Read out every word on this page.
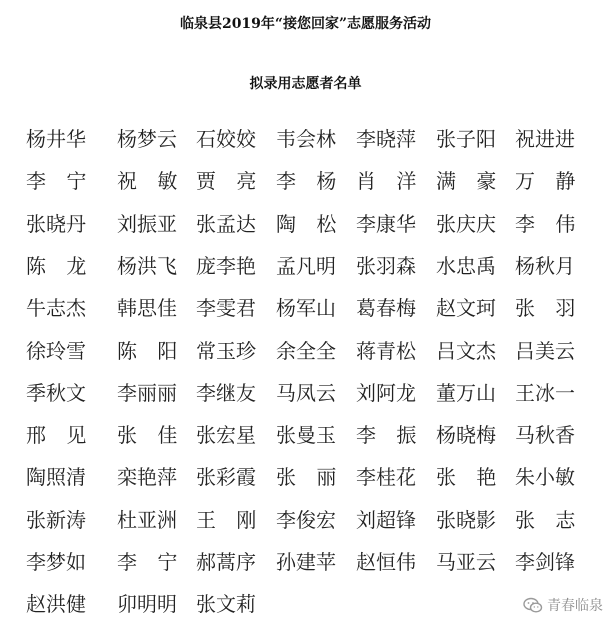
临泉县2019年“接您回家”志愿服务活动
拟录用志愿者名单
杨井华 杨梦云 石姣姣 韦会林 李晓萍 张子阳 祝进进
李 宁 祝 敏 贾 亮 李 杨 肖 洋 满 豪 万 静
张晓丹 刘振亚 张孟达 陶 松 李康华 张庆庆 李 伟
陈 龙 杨洪飞 庞李艳 孟凡明 张羽森 水忠禹 杨秋月
牛志杰 韩思佳 李雯君 杨军山 葛春梅 赵文珂 张 羽
徐玲雪 陈 阳 常玉珍 余全全 蒋青松 吕文杰 吕美云
季秋文 李丽丽 李继友 马凤云 刘阿龙 董万山 王冰一
邢 见 张 佳 张宏星 张曼玉 李 振 杨晓梅 马秋香
陶照清 栾艳萍 张彩霞 张 丽 李桂花 张 艳 朱小敏
张新涛 杜亚洲 王 刚 李俊宏 刘超锋 张晓影 张 志
李梦如 李 宁 郝蒿序 孙建苹 赵恒伟 马亚云 李剑锋
赵洪健 卯明明 张文莉	青春临泉
